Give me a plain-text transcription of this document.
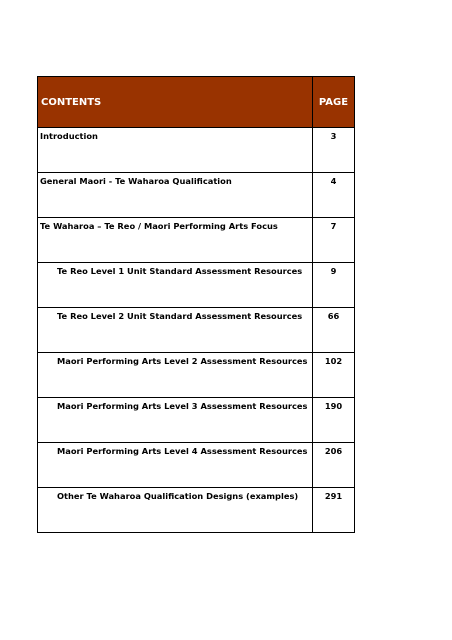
CONTENTS	PAGE
Introduction	3
General Maori - Te Waharoa Qualification	4
Te Waharoa – Te Reo / Maori Performing Arts Focus	7
Te Reo Level 1 Unit Standard Assessment Resources	9
Te Reo Level 2 Unit Standard Assessment Resources	66
Maori Performing Arts Level 2 Assessment Resources	102
Maori Performing Arts Level 3 Assessment Resources	190
Maori Performing Arts Level 4 Assessment Resources	206
Other Te Waharoa Qualification Designs (examples)	291
